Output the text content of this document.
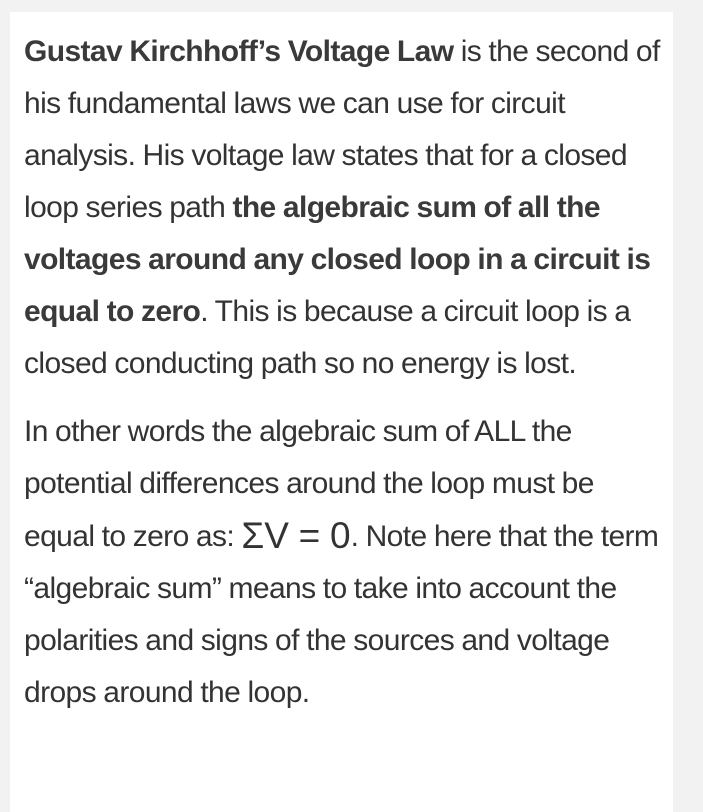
Gustav Kirchhoff’s Voltage Law is the second of his fundamental laws we can use for circuit analysis. His voltage law states that for a closed loop series path the algebraic sum of all the voltages around any closed loop in a circuit is equal to zero. This is because a circuit loop is a closed conducting path so no energy is lost.

In other words the algebraic sum of ALL the potential differences around the loop must be equal to zero as: ΣV = 0. Note here that the term “algebraic sum” means to take into account the polarities and signs of the sources and voltage drops around the loop.
